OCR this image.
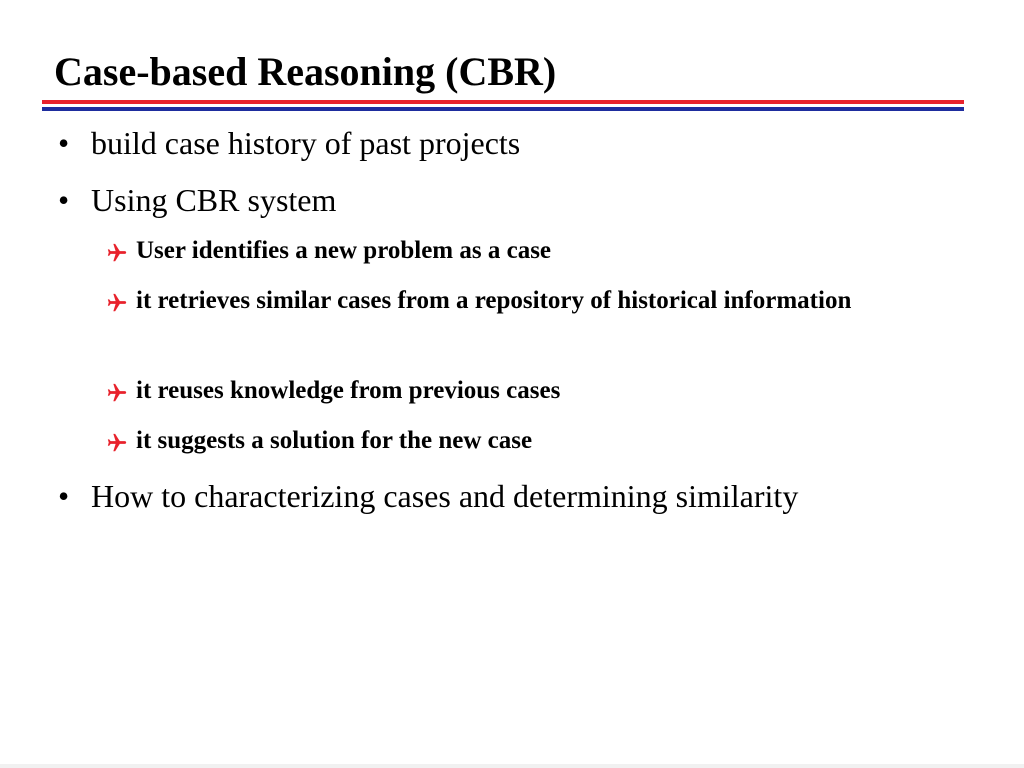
Case-based Reasoning (CBR)
• build case history of past projects
• Using CBR system
User identifies a new problem as a case
it retrieves similar cases from a repository of historical information
it reuses knowledge from previous cases
it suggests a solution for the new case
• How to characterizing cases and determining similarity
